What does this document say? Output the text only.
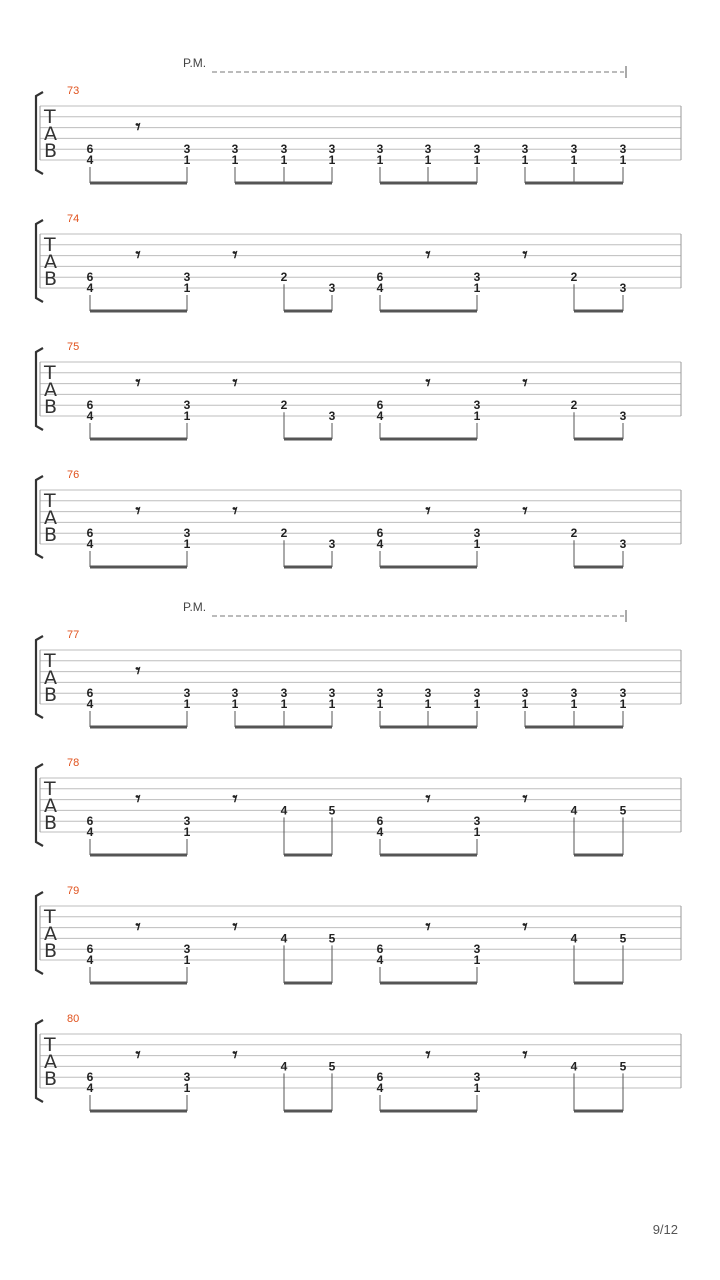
T
A
B
73
P.M.
6
4
𝄾
3
1
3
1
3
1
3
1
3
1
3
1
3
1
3
1
3
1
3
1
T
A
B
74
6
4
𝄾
3
1
𝄾
2
3
6
4
𝄾
3
1
𝄾
2
3
T
A
B
75
6
4
𝄾
3
1
𝄾
2
3
6
4
𝄾
3
1
𝄾
2
3
T
A
B
76
6
4
𝄾
3
1
𝄾
2
3
6
4
𝄾
3
1
𝄾
2
3
T
A
B
77
P.M.
6
4
𝄾
3
1
3
1
3
1
3
1
3
1
3
1
3
1
3
1
3
1
3
1
T
A
B
78
6
4
𝄾
3
1
𝄾
4	5
6
4
𝄾
3
1
𝄾
4	5
T
A
B
79
6
4
𝄾
3
1
𝄾
4	5
6
4
𝄾
3
1
𝄾
4	5
T
A
B
80
6
4
𝄾
3
1
𝄾
4	5
6
4
𝄾
3
1
𝄾
4	5
9/12
